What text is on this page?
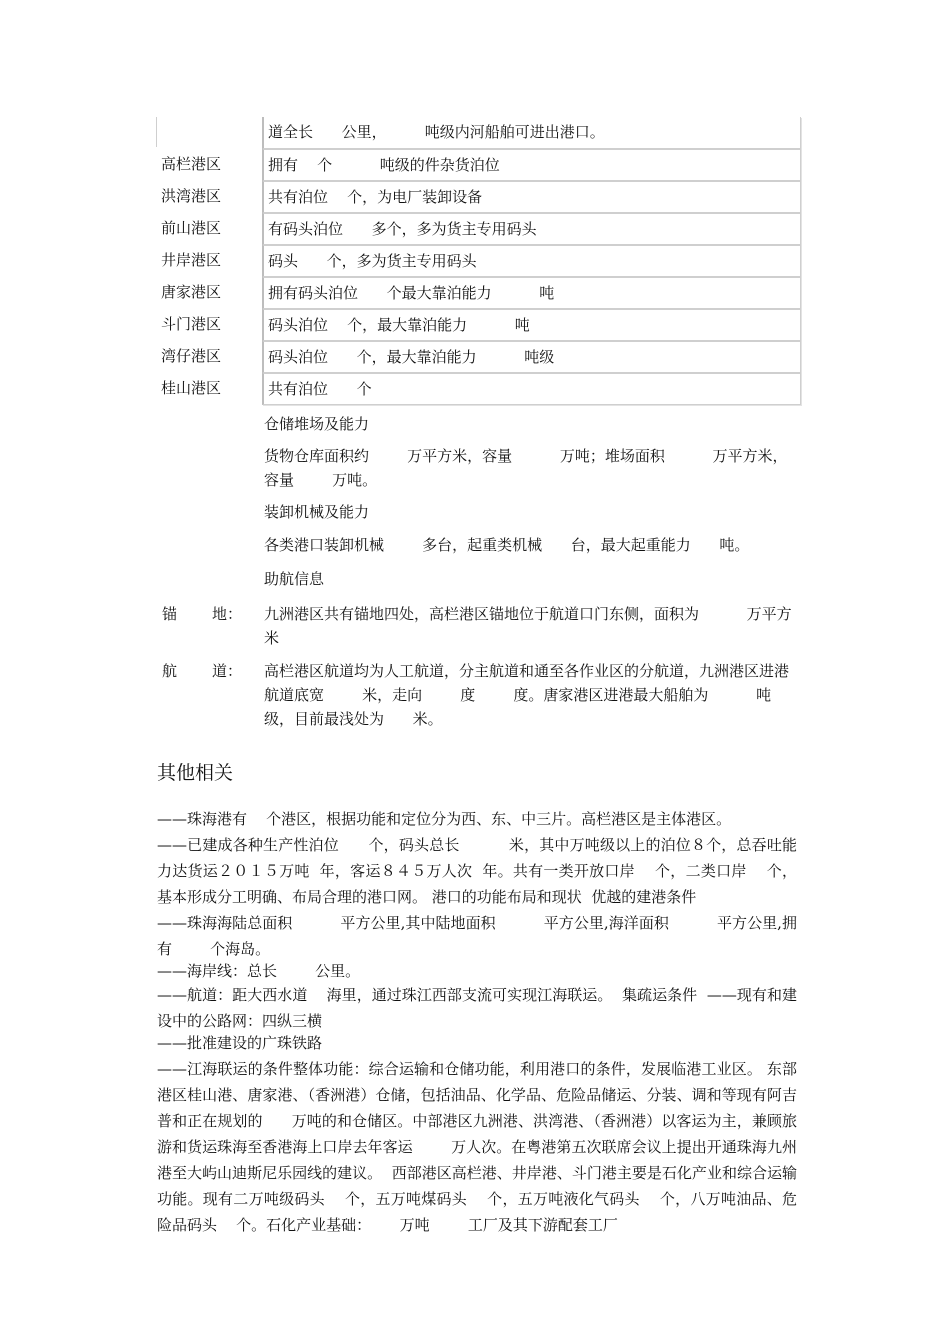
道全长      公里，        吨级内河船舶可进出港口。
高栏港区	拥有    个          吨级的件杂货泊位
洪湾港区	共有泊位    个，为电厂装卸设备
前山港区	有码头泊位      多个，多为货主专用码头
井岸港区	码头      个，多为货主专用码头
唐家港区	拥有码头泊位      个最大靠泊能力          吨
斗门港区	码头泊位    个，最大靠泊能力          吨
湾仔港区	码头泊位      个，最大靠泊能力          吨级
桂山港区	共有泊位      个
仓储堆场及能力
货物仓库面积约        万平方米，容量          万吨；堆场面积          万平方米，容量        万吨。
装卸机械及能力
各类港口装卸机械        多台，起重类机械      台，最大起重能力      吨。
助航信息
锚 地： 九洲港区共有锚地四处，高栏港区锚地位于航道口门东侧，面积为          万平方米
航 道： 高栏港区航道均为人工航道，分主航道和通至各作业区的分航道，九洲港区进港航道底宽        米，走向        度        度。唐家港区进港最大船舶为          吨级，目前最浅处为      米。
其他相关
——珠海港有    个港区，根据功能和定位分为西、东、中三片。高栏港区是主体港区。
——已建成各种生产性泊位      个，码头总长          米，其中万吨级以上的泊位８个，总吞吐能力达货运２０１５万吨  年，客运８４５万人次  年。共有一类开放口岸    个，二类口岸    个，基本形成分工明确、布局合理的港口网。 港口的功能布局和现状  优越的建港条件
——珠海海陆总面积          平方公里,其中陆地面积          平方公里,海洋面积          平方公里,拥有        个海岛。
——海岸线：总长        公里。
——航道：距大西水道    海里，通过珠江西部支流可实现江海联运。  集疏运条件  ——现有和建设中的公路网：四纵三横
——批准建设的广珠铁路
——江海联运的条件整体功能：综合运输和仓储功能，利用港口的条件，发展临港工业区。 东部港区桂山港、唐家港、（香洲港）仓储，包括油品、化学品、危险品储运、分装、调和等现有阿吉普和正在规划的      万吨的和仓储区。中部港区九洲港、洪湾港、（香洲港）以客运为主，兼顾旅游和货运珠海至香港海上口岸去年客运        万人次。在粤港第五次联席会议上提出开通珠海九州港至大屿山迪斯尼乐园线的建议。  西部港区高栏港、井岸港、斗门港主要是石化产业和综合运输功能。现有二万吨级码头    个，五万吨煤码头    个，五万吨液化气码头    个，八万吨油品、危险品码头    个。石化产业基础：      万吨        工厂及其下游配套工厂
